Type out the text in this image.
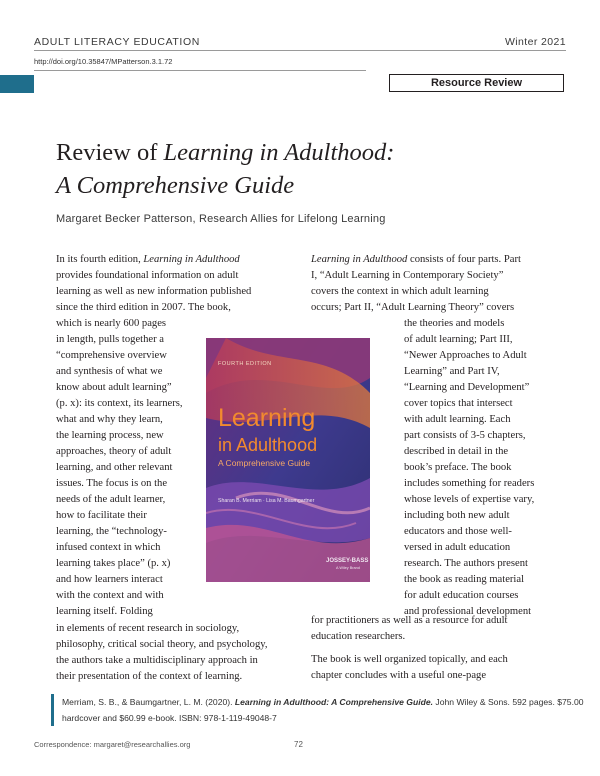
ADULT LITERACY EDUCATION	Winter 2021
http://doi.org/10.35847/MPatterson.3.1.72
Resource Review
Review of Learning in Adulthood:
A Comprehensive Guide
Margaret Becker Patterson, Research Allies for Lifelong Learning
In its fourth edition, Learning in Adulthood
provides foundational information on adult
learning as well as new information published
since the third edition in 2007. The book,
which is nearly 600 pages
in length, pulls together a
“comprehensive overview
and synthesis of what we
know about adult learning”
(p. x): its context, its learners,
what and why they learn,
the learning process, new
approaches, theory of adult
learning, and other relevant
issues. The focus is on the
needs of the adult learner,
how to facilitate their
learning, the “technology-
infused context in which
learning takes place” (p. x)
and how learners interact
with the context and with
learning itself. Folding
in elements of recent research in sociology,
philosophy, critical social theory, and psychology,
the authors take a multidisciplinary approach in
their presentation of the context of learning.
Learning in Adulthood consists of four parts. Part
I, “Adult Learning in Contemporary Society”
covers the context in which adult learning
occurs; Part II, “Adult Learning Theory” covers
the theories and models
of adult learning; Part III,
“Newer Approaches to Adult
Learning” and Part IV,
“Learning and Development”
cover topics that intersect
with adult learning. Each
part consists of 3-5 chapters,
described in detail in the
book’s preface. The book
includes something for readers
whose levels of expertise vary,
including both new adult
educators and those well-
versed in adult education
research. The authors present
the book as reading material
for adult education courses
and professional development
for practitioners as well as a resource for adult
education researchers.
The book is well organized topically, and each
chapter concludes with a useful one-page
FOURTH EDITION
Learning
in Adulthood
A Comprehensive Guide
Sharan B. Merriam · Lisa M. Baumgartner
JOSSEY-BASS
A Wiley Brand
Merriam, S. B., & Baumgartner, L. M. (2020). Learning in Adulthood: A Comprehensive Guide. John Wiley & Sons. 592 pages. $75.00
hardcover and $60.99 e-book. ISBN: 978-1-119-49048-7
Correspondence: margaret@researchallies.org	72
